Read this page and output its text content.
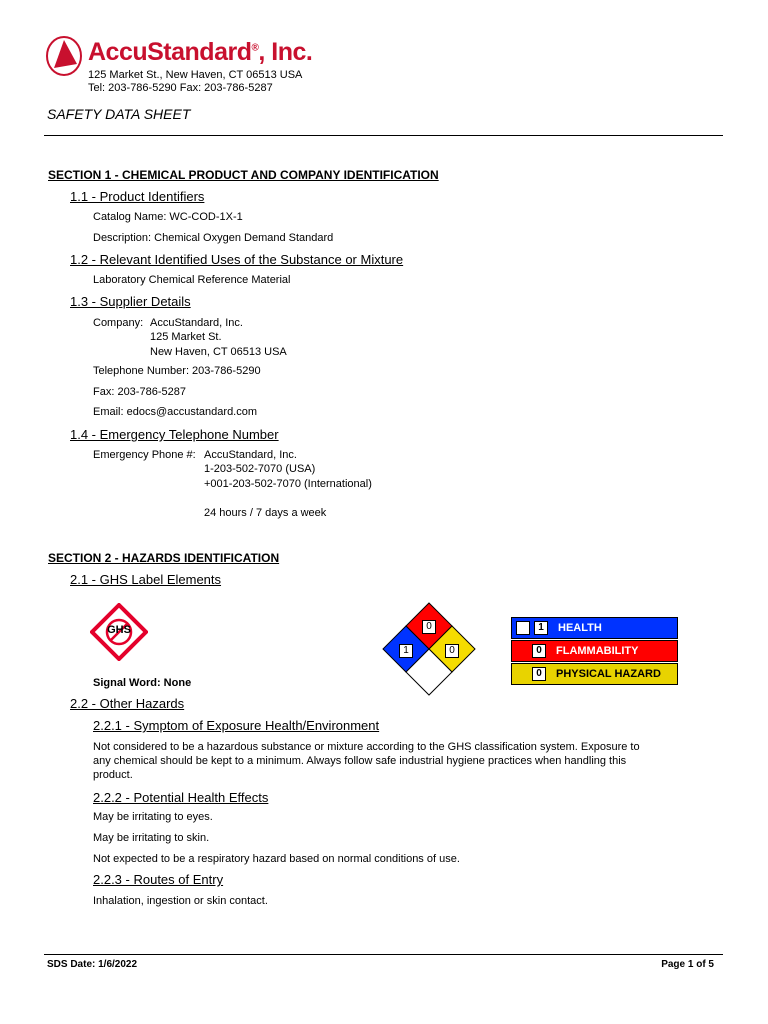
AccuStandard®, Inc.
125 Market St., New Haven, CT 06513 USA
Tel: 203-786-5290 Fax: 203-786-5287
SAFETY DATA SHEET
SECTION 1 - CHEMICAL PRODUCT AND COMPANY IDENTIFICATION
1.1 - Product Identifiers
Catalog Name: WC-COD-1X-1
Description: Chemical Oxygen Demand Standard
1.2 - Relevant Identified Uses of the Substance or Mixture
Laboratory Chemical Reference Material
1.3 - Supplier Details
Company: AccuStandard, Inc.
125 Market St.
New Haven, CT 06513 USA
Telephone Number: 203-786-5290
Fax: 203-786-5287
Email: edocs@accustandard.com
1.4 - Emergency Telephone Number
Emergency Phone #: AccuStandard, Inc.
1-203-502-7070 (USA)
+001-203-502-7070 (International)
24 hours / 7 days a week
SECTION 2 - HAZARDS IDENTIFICATION
2.1 - GHS Label Elements
GHS
Signal Word: None
0
1	0
1	HEALTH
0	FLAMMABILITY
0	PHYSICAL HAZARD
2.2 - Other Hazards
2.2.1 - Symptom of Exposure Health/Environment
Not considered to be a hazardous substance or mixture according to the GHS classification system. Exposure to
any chemical should be kept to a minimum. Always follow safe industrial hygiene practices when handling this
product.
2.2.2 - Potential Health Effects
May be irritating to eyes.
May be irritating to skin.
Not expected to be a respiratory hazard based on normal conditions of use.
2.2.3 - Routes of Entry
Inhalation, ingestion or skin contact.
SDS Date: 1/6/2022	Page 1 of 5
